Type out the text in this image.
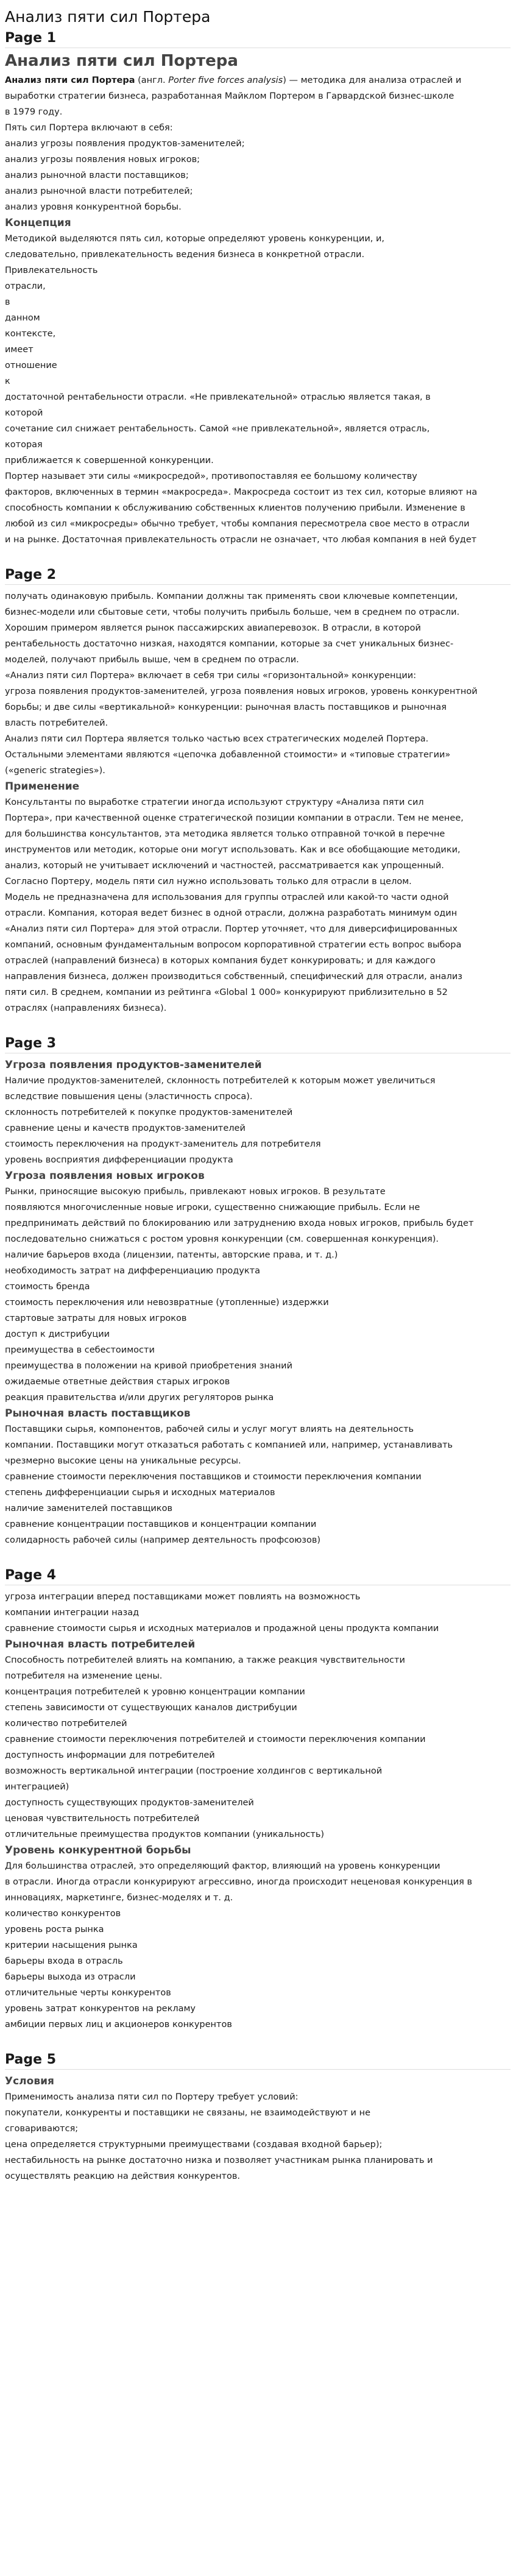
Анализ пяти сил Портера
Page 1
Анализ пяти сил Портера
Анализ пяти сил Портера (англ. Porter five forces analysis) — методика для анализа отраслей и
выработки стратегии бизнеса, разработанная Майклом Портером в Гарвардской бизнес-школе
в 1979 году.
Пять сил Портера включают в себя:
анализ угрозы появления продуктов-заменителей;
анализ угрозы появления новых игроков;
анализ рыночной власти поставщиков;
анализ рыночной власти потребителей;
анализ уровня конкурентной борьбы.
Концепция
Методикой выделяются пять сил, которые определяют уровень конкуренции, и,
следовательно, привлекательность ведения бизнеса в конкретной отрасли.
Привлекательность
отрасли,
в
данном
контексте,
имеет
отношение
к
достаточной рентабельности отрасли. «Не привлекательной» отраслью является такая, в
которой
сочетание сил снижает рентабельность. Самой «не привлекательной», является отрасль,
которая
приближается к совершенной конкуренции.
Портер называет эти силы «микросредой», противопоставляя ее большому количеству
факторов, включенных в термин «макросреда». Макросреда состоит из тех сил, которые влияют на
способность компании к обслуживанию собственных клиентов получению прибыли. Изменение в
любой из сил «микросреды» обычно требует, чтобы компания пересмотрела свое место в отрасли
и на рынке. Достаточная привлекательность отрасли не означает, что любая компания в ней будет
Page 2
получать одинаковую прибыль. Компании должны так применять свои ключевые компетенции,
бизнес-модели или сбытовые сети, чтобы получить прибыль больше, чем в среднем по отрасли.
Хорошим примером является рынок пассажирских авиаперевозок. В отрасли, в которой
рентабельность достаточно низкая, находятся компании, которые за счет уникальных бизнес-
моделей, получают прибыль выше, чем в среднем по отрасли.
«Анализ пяти сил Портера» включает в себя три силы «горизонтальной» конкуренции:
угроза появления продуктов-заменителей, угроза появления новых игроков, уровень конкурентной
борьбы; и две силы «вертикальной» конкуренции: рыночная власть поставщиков и рыночная
власть потребителей.
Анализ пяти сил Портера является только частью всех стратегических моделей Портера.
Остальными элементами являются «цепочка добавленной стоимости» и «типовые стратегии»
(«generic strategies»).
Применение
Консультанты по выработке стратегии иногда используют структуру «Анализа пяти сил
Портера», при качественной оценке стратегической позиции компании в отрасли. Тем не менее,
для большинства консультантов, эта методика является только отправной точкой в перечне
инструментов или методик, которые они могут использовать. Как и все обобщающие методики,
анализ, который не учитывает исключений и частностей, рассматривается как упрощенный.
Согласно Портеру, модель пяти сил нужно использовать только для отрасли в целом.
Модель не предназначена для использования для группы отраслей или какой-то части одной
отрасли. Компания, которая ведет бизнес в одной отрасли, должна разработать минимум один
«Анализ пяти сил Портера» для этой отрасли. Портер уточняет, что для диверсифицированных
компаний, основным фундаментальным вопросом корпоративной стратегии есть вопрос выбора
отраслей (направлений бизнеса) в которых компания будет конкурировать; и для каждого
направления бизнеса, должен производиться собственный, специфический для отрасли, анализ
пяти сил. В среднем, компании из рейтинга «Global 1 000» конкурируют приблизительно в 52
отраслях (направлениях бизнеса).
Page 3
Угроза появления продуктов-заменителей
Наличие продуктов-заменителей, склонность потребителей к которым может увеличиться
вследствие повышения цены (эластичность спроса).
склонность потребителей к покупке продуктов-заменителей
сравнение цены и качеств продуктов-заменителей
стоимость переключения на продукт-заменитель для потребителя
уровень восприятия дифференциации продукта
Угроза появления новых игроков
Рынки, приносящие высокую прибыль, привлекают новых игроков. В результате
появляются многочисленные новые игроки, существенно снижающие прибыль. Если не
предпринимать действий по блокированию или затруднению входа новых игроков, прибыль будет
последовательно снижаться с ростом уровня конкуренции (см. совершенная конкуренция).
наличие барьеров входа (лицензии, патенты, авторские права, и т. д.)
необходимость затрат на дифференциацию продукта
стоимость бренда
стоимость переключения или невозвратные (утопленные) издержки
стартовые затраты для новых игроков
доступ к дистрибуции
преимущества в себестоимости
преимущества в положении на кривой приобретения знаний
ожидаемые ответные действия старых игроков
реакция правительства и/или других регуляторов рынка
Рыночная власть поставщиков
Поставщики сырья, компонентов, рабочей силы и услуг могут влиять на деятельность
компании. Поставщики могут отказаться работать с компанией или, например, устанавливать
чрезмерно высокие цены на уникальные ресурсы.
сравнение стоимости переключения поставщиков и стоимости переключения компании
степень дифференциации сырья и исходных материалов
наличие заменителей поставщиков
сравнение концентрации поставщиков и концентрации компании
солидарность рабочей силы (например деятельность профсоюзов)
Page 4
угроза интеграции вперед поставщиками может повлиять на возможность
компании интеграции назад
сравнение стоимости сырья и исходных материалов и продажной цены продукта компании
Рыночная власть потребителей
Способность потребителей влиять на компанию, а также реакция чувствительности
потребителя на изменение цены.
концентрация потребителей к уровню концентрации компании
степень зависимости от существующих каналов дистрибуции
количество потребителей
сравнение стоимости переключения потребителей и стоимости переключения компании
доступность информации для потребителей
возможность вертикальной интеграции (построение холдингов с вертикальной
интеграцией)
доступность существующих продуктов-заменителей
ценовая чувствительность потребителей
отличительные преимущества продуктов компании (уникальность)
Уровень конкурентной борьбы
Для большинства отраслей, это определяющий фактор, влияющий на уровень конкуренции
в отрасли. Иногда отрасли конкурируют агрессивно, иногда происходит неценовая конкуренция в
инновациях, маркетинге, бизнес-моделях и т. д.
количество конкурентов
уровень роста рынка
критерии насыщения рынка
барьеры входа в отрасль
барьеры выхода из отрасли
отличительные черты конкурентов
уровень затрат конкурентов на рекламу
амбиции первых лиц и акционеров конкурентов
Page 5
Условия
Применимость анализа пяти сил по Портеру требует условий:
покупатели, конкуренты и поставщики не связаны, не взаимодействуют и не
сговариваются;
цена определяется структурными преимуществами (создавая входной барьер);
нестабильность на рынке достаточно низка и позволяет участникам рынка планировать и
осуществлять реакцию на действия конкурентов.
